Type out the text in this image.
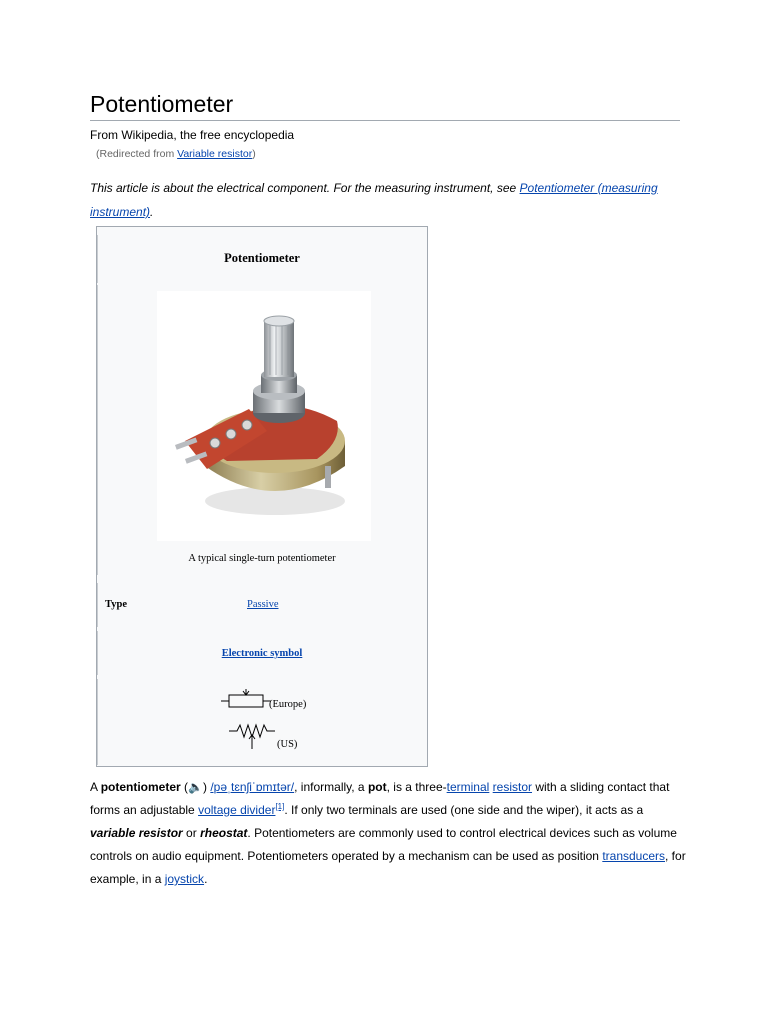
Potentiometer
From Wikipedia, the free encyclopedia
(Redirected from Variable resistor)
This article is about the electrical component. For the measuring instrument, see Potentiometer (measuring instrument).
Potentiometer
A typical single-turn potentiometer
Type	Passive
Electronic symbol
(Europe)
(US)
A potentiometer (🔈) /pəˌtɛnʃiˈɒmɪtər/, informally, a pot, is a three-terminal resistor with a sliding contact that forms an adjustable voltage divider[1]. If only two terminals are used (one side and the wiper), it acts as a variable resistor or rheostat. Potentiometers are commonly used to control electrical devices such as volume controls on audio equipment. Potentiometers operated by a mechanism can be used as position transducers, for example, in a joystick.
